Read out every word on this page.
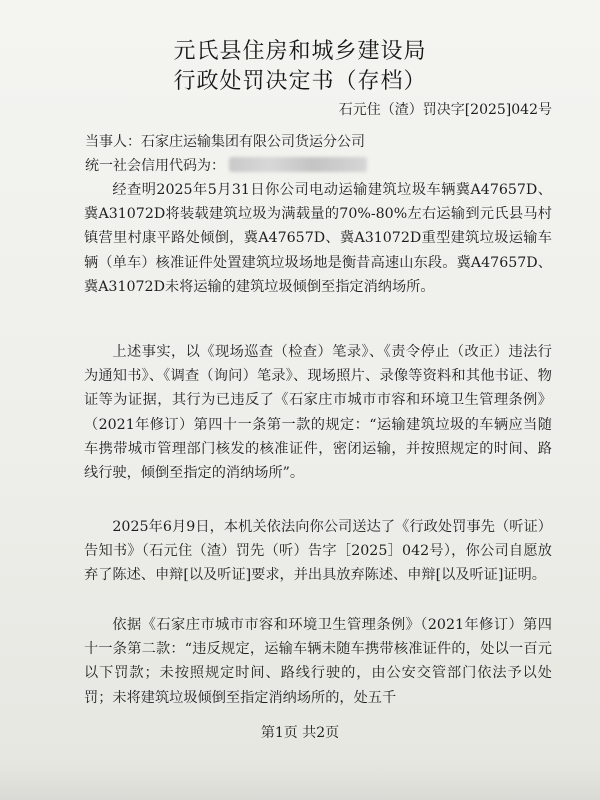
元氏县住房和城乡建设局
行政处罚决定书（存档）
石元住（渣）罚决字[2025]042号
当事人：石家庄运输集团有限公司货运分公司
统一社会信用代码为：

经查明2025年5月31日你公司电动运输建筑垃圾车辆冀A47657D、冀A31072D将装载建筑垃圾为满载量的70%-80%左右运输到元氏县马村镇营里村康平路处倾倒，冀A47657D、冀A31072D重型建筑垃圾运输车辆（单车）核准证件处置建筑垃圾场地是衡昔高速山东段。冀A47657D、冀A31072D未将运输的建筑垃圾倾倒至指定消纳场所。

上述事实，以《现场巡查（检查）笔录》、《责令停止（改正）违法行为通知书》、《调查（询问）笔录》、现场照片、录像等资料和其他书证、物证等为证据，其行为已违反了《石家庄市城市市容和环境卫生管理条例》（2021年修订）第四十一条第一款的规定：“运输建筑垃圾的车辆应当随车携带城市管理部门核发的核准证件，密闭运输，并按照规定的时间、路线行驶，倾倒至指定的消纳场所”。

2025年6月9日，本机关依法向你公司送达了《行政处罚事先（听证）告知书》（石元住（渣）罚先（听）告字［2025］042号），你公司自愿放弃了陈述、申辩[以及听证]要求，并出具放弃陈述、申辩[以及听证]证明。

依据《石家庄市城市市容和环境卫生管理条例》（2021年修订）第四十一条第二款：“违反规定，运输车辆未随车携带核准证件的，处以一百元以下罚款；未按照规定时间、路线行驶的，由公安交管部门依法予以处罚；未将建筑垃圾倾倒至指定消纳场所的，处五千

第1页 共2页
